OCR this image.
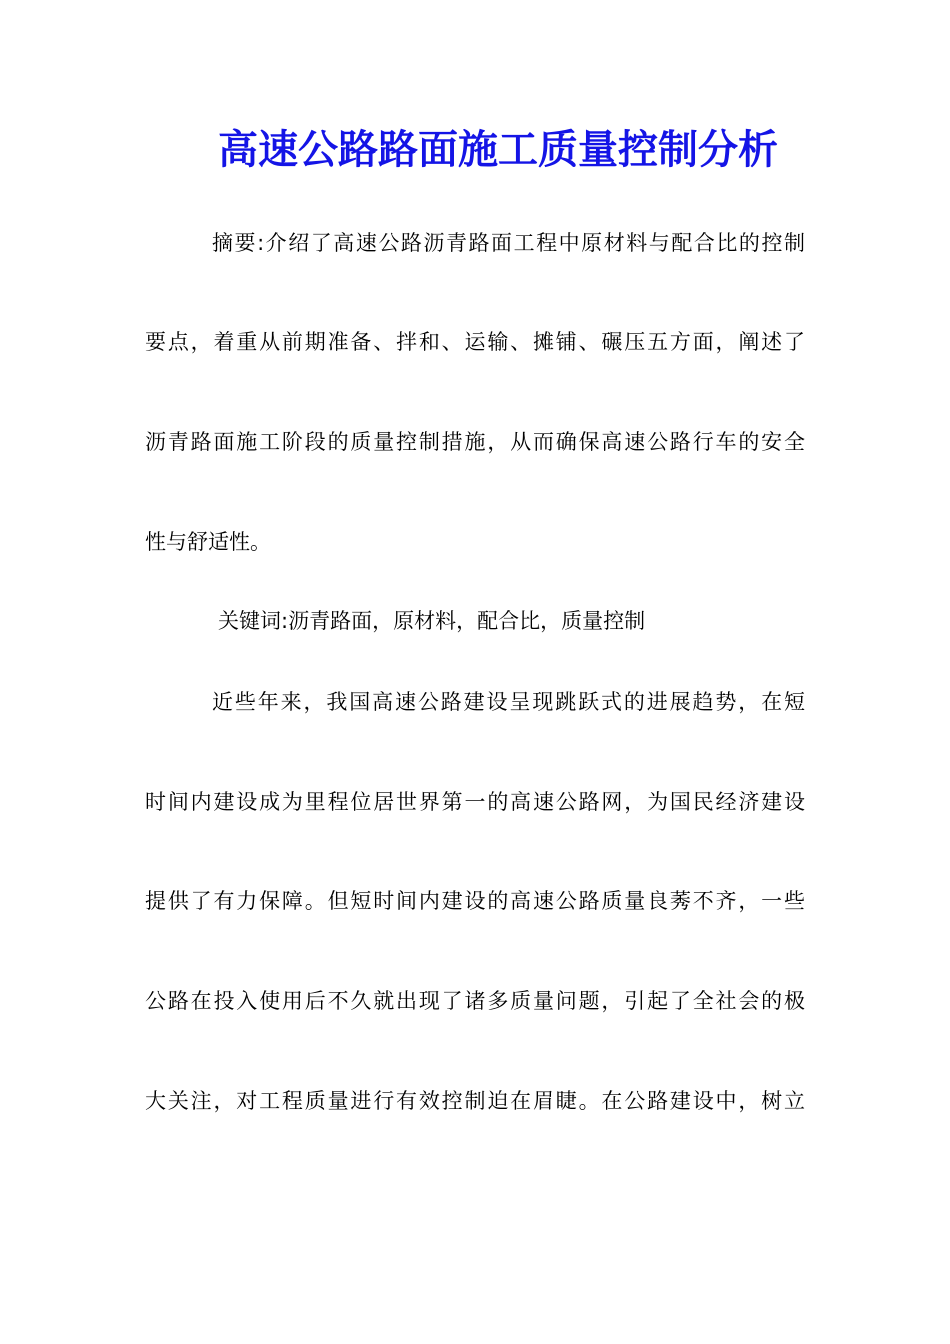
高速公路路面施工质量控制分析
摘要:介绍了高速公路沥青路面工程中原材料与配合比的控制
要点，着重从前期准备、拌和、运输、摊铺、碾压五方面，阐述了
沥青路面施工阶段的质量控制措施，从而确保高速公路行车的安全
性与舒适性。
关键词:沥青路面，原材料，配合比，质量控制
近些年来，我国高速公路建设呈现跳跃式的进展趋势，在短
时间内建设成为里程位居世界第一的高速公路网，为国民经济建设
提供了有力保障。但短时间内建设的高速公路质量良莠不齐，一些
公路在投入使用后不久就出现了诸多质量问题，引起了全社会的极
大关注，对工程质量进行有效控制迫在眉睫。在公路建设中，树立
